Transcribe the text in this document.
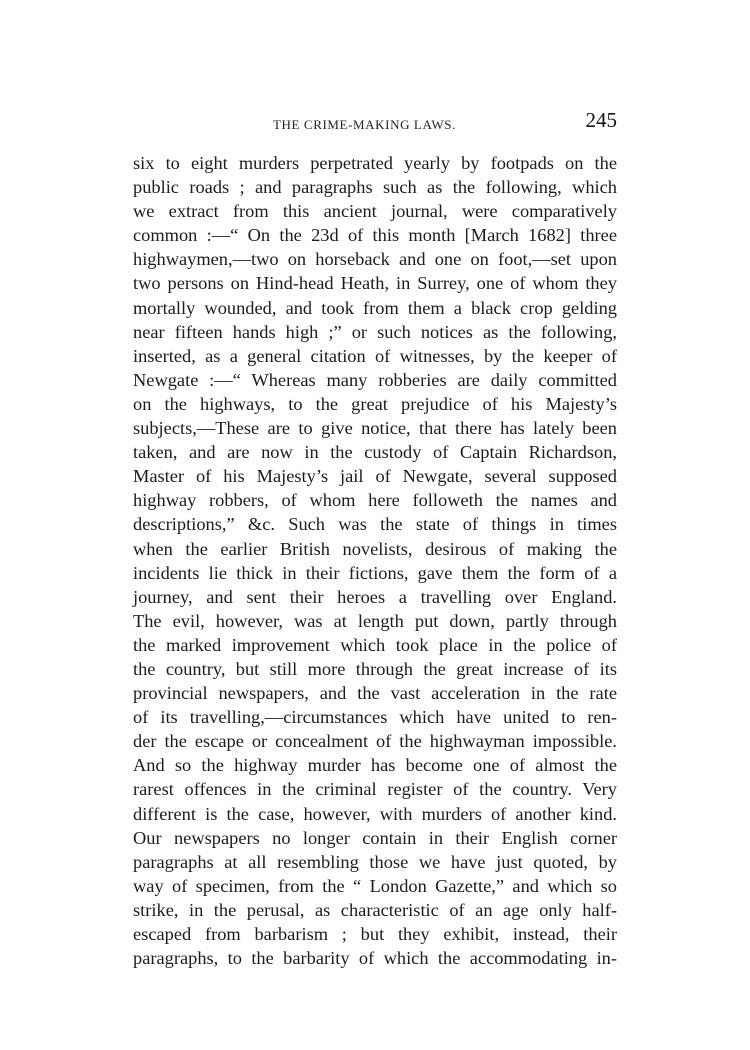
THE CRIME-MAKING LAWS.	245
six to eight murders perpetrated yearly by footpads on the
public roads ; and paragraphs such as the following, which
we extract from this ancient journal, were comparatively
common :—“ On the 23d of this month [March 1682] three
highwaymen,—two on horseback and one on foot,—set upon
two persons on Hind-head Heath, in Surrey, one of whom they
mortally wounded, and took from them a black crop gelding
near fifteen hands high ;” or such notices as the following,
inserted, as a general citation of witnesses, by the keeper of
Newgate :—“ Whereas many robberies are daily committed
on the highways, to the great prejudice of his Majesty’s
subjects,—These are to give notice, that there has lately been
taken, and are now in the custody of Captain Richardson,
Master of his Majesty’s jail of Newgate, several supposed
highway robbers, of whom here followeth the names and
descriptions,” &c. Such was the state of things in times
when the earlier British novelists, desirous of making the
incidents lie thick in their fictions, gave them the form of a
journey, and sent their heroes a travelling over England.
The evil, however, was at length put down, partly through
the marked improvement which took place in the police of
the country, but still more through the great increase of its
provincial newspapers, and the vast acceleration in the rate
of its travelling,—circumstances which have united to ren-
der the escape or concealment of the highwayman impossible.
And so the highway murder has become one of almost the
rarest offences in the criminal register of the country. Very
different is the case, however, with murders of another kind.
Our newspapers no longer contain in their English corner
paragraphs at all resembling those we have just quoted, by
way of specimen, from the “ London Gazette,” and which so
strike, in the perusal, as characteristic of an age only half-
escaped from barbarism ; but they exhibit, instead, their
paragraphs, to the barbarity of which the accommodating in-
